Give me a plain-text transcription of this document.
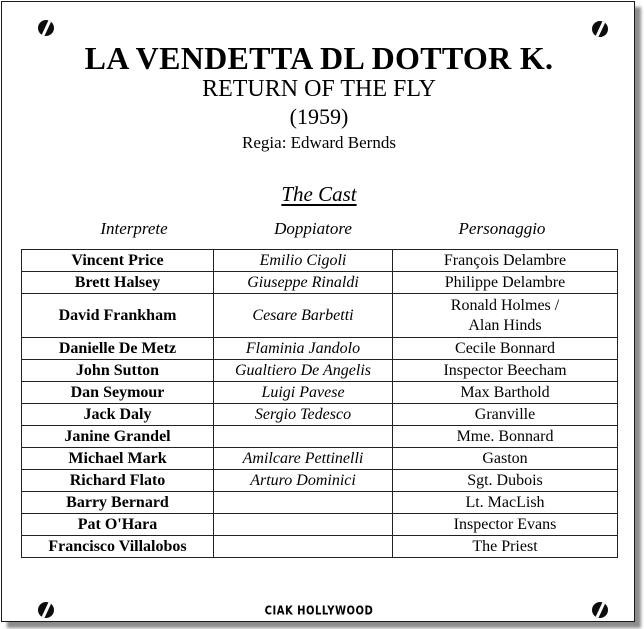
LA VENDETTA DL DOTTOR K.
RETURN OF THE FLY
(1959)
Regia: Edward Bernds
The Cast
Interprete	Doppiatore	Personaggio
Vincent Price	Emilio Cigoli	François Delambre
Brett Halsey	Giuseppe Rinaldi	Philippe Delambre
David Frankham	Cesare Barbetti	Ronald Holmes /
Alan Hinds
Danielle De Metz	Flaminia Jandolo	Cecile Bonnard
John Sutton	Gualtiero De Angelis	Inspector Beecham
Dan Seymour	Luigi Pavese	Max Barthold
Jack Daly	Sergio Tedesco	Granville
Janine Grandel		Mme. Bonnard
Michael Mark	Amilcare Pettinelli	Gaston
Richard Flato	Arturo Dominici	Sgt. Dubois
Barry Bernard		Lt. MacLish
Pat O'Hara		Inspector Evans
Francisco Villalobos		The Priest
CIAK HOLLYWOOD
